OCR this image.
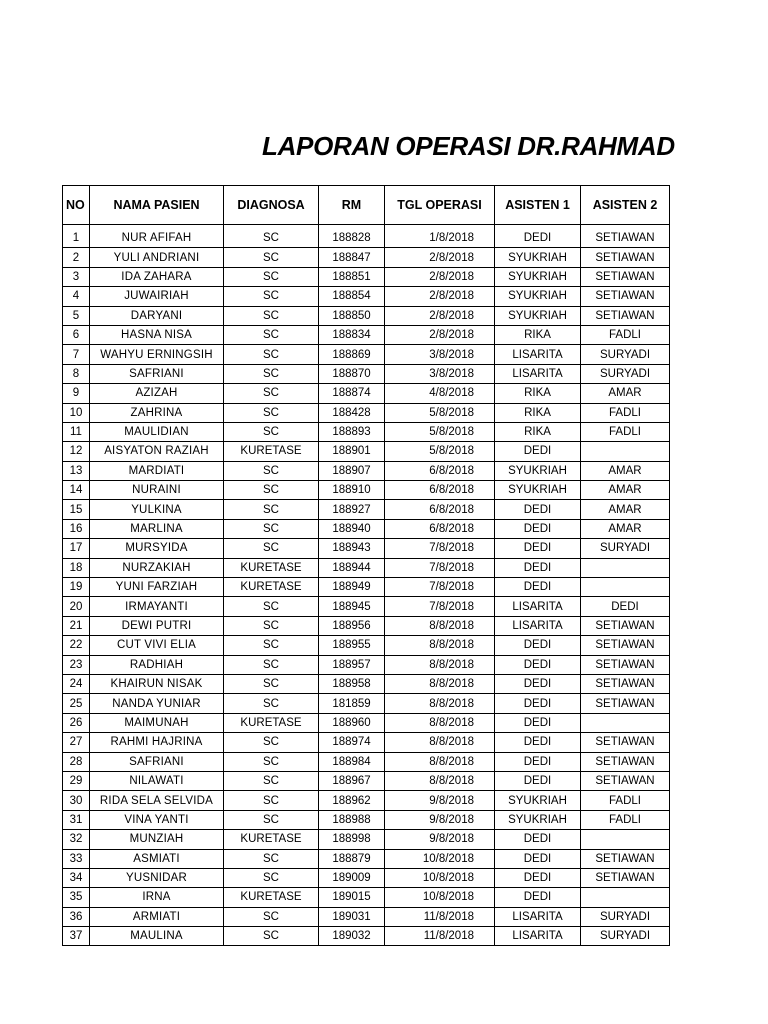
LAPORAN OPERASI DR.RAHMAD
NO	NAMA PASIEN	DIAGNOSA	RM	TGL OPERASI	ASISTEN 1	ASISTEN 2

1	NUR AFIFAH	SC	188828	1/8/2018	DEDI	SETIAWAN
2	YULI ANDRIANI	SC	188847	2/8/2018	SYUKRIAH	SETIAWAN
3	IDA ZAHARA	SC	188851	2/8/2018	SYUKRIAH	SETIAWAN
4	JUWAIRIAH	SC	188854	2/8/2018	SYUKRIAH	SETIAWAN
5	DARYANI	SC	188850	2/8/2018	SYUKRIAH	SETIAWAN
6	HASNA NISA	SC	188834	2/8/2018	RIKA	FADLI
7	WAHYU ERNINGSIH	SC	188869	3/8/2018	LISARITA	SURYADI
8	SAFRIANI	SC	188870	3/8/2018	LISARITA	SURYADI
9	AZIZAH	SC	188874	4/8/2018	RIKA	AMAR
10	ZAHRINA	SC	188428	5/8/2018	RIKA	FADLI
11	MAULIDIAN	SC	188893	5/8/2018	RIKA	FADLI
12	AISYATON RAZIAH	KURETASE	188901	5/8/2018	DEDI	
13	MARDIATI	SC	188907	6/8/2018	SYUKRIAH	AMAR
14	NURAINI	SC	188910	6/8/2018	SYUKRIAH	AMAR
15	YULKINA	SC	188927	6/8/2018	DEDI	AMAR
16	MARLINA	SC	188940	6/8/2018	DEDI	AMAR
17	MURSYIDA	SC	188943	7/8/2018	DEDI	SURYADI
18	NURZAKIAH	KURETASE	188944	7/8/2018	DEDI	
19	YUNI FARZIAH	KURETASE	188949	7/8/2018	DEDI	
20	IRMAYANTI	SC	188945	7/8/2018	LISARITA	DEDI
21	DEWI PUTRI	SC	188956	8/8/2018	LISARITA	SETIAWAN
22	CUT VIVI ELIA	SC	188955	8/8/2018	DEDI	SETIAWAN
23	RADHIAH	SC	188957	8/8/2018	DEDI	SETIAWAN
24	KHAIRUN NISAK	SC	188958	8/8/2018	DEDI	SETIAWAN
25	NANDA YUNIAR	SC	181859	8/8/2018	DEDI	SETIAWAN
26	MAIMUNAH	KURETASE	188960	8/8/2018	DEDI	
27	RAHMI HAJRINA	SC	188974	8/8/2018	DEDI	SETIAWAN
28	SAFRIANI	SC	188984	8/8/2018	DEDI	SETIAWAN
29	NILAWATI	SC	188967	8/8/2018	DEDI	SETIAWAN
30	RIDA SELA SELVIDA	SC	188962	9/8/2018	SYUKRIAH	FADLI
31	VINA YANTI	SC	188988	9/8/2018	SYUKRIAH	FADLI
32	MUNZIAH	KURETASE	188998	9/8/2018	DEDI	
33	ASMIATI	SC	188879	10/8/2018	DEDI	SETIAWAN
34	YUSNIDAR	SC	189009	10/8/2018	DEDI	SETIAWAN
35	IRNA	KURETASE	189015	10/8/2018	DEDI	
36	ARMIATI	SC	189031	11/8/2018	LISARITA	SURYADI
37	MAULINA	SC	189032	11/8/2018	LISARITA	SURYADI
